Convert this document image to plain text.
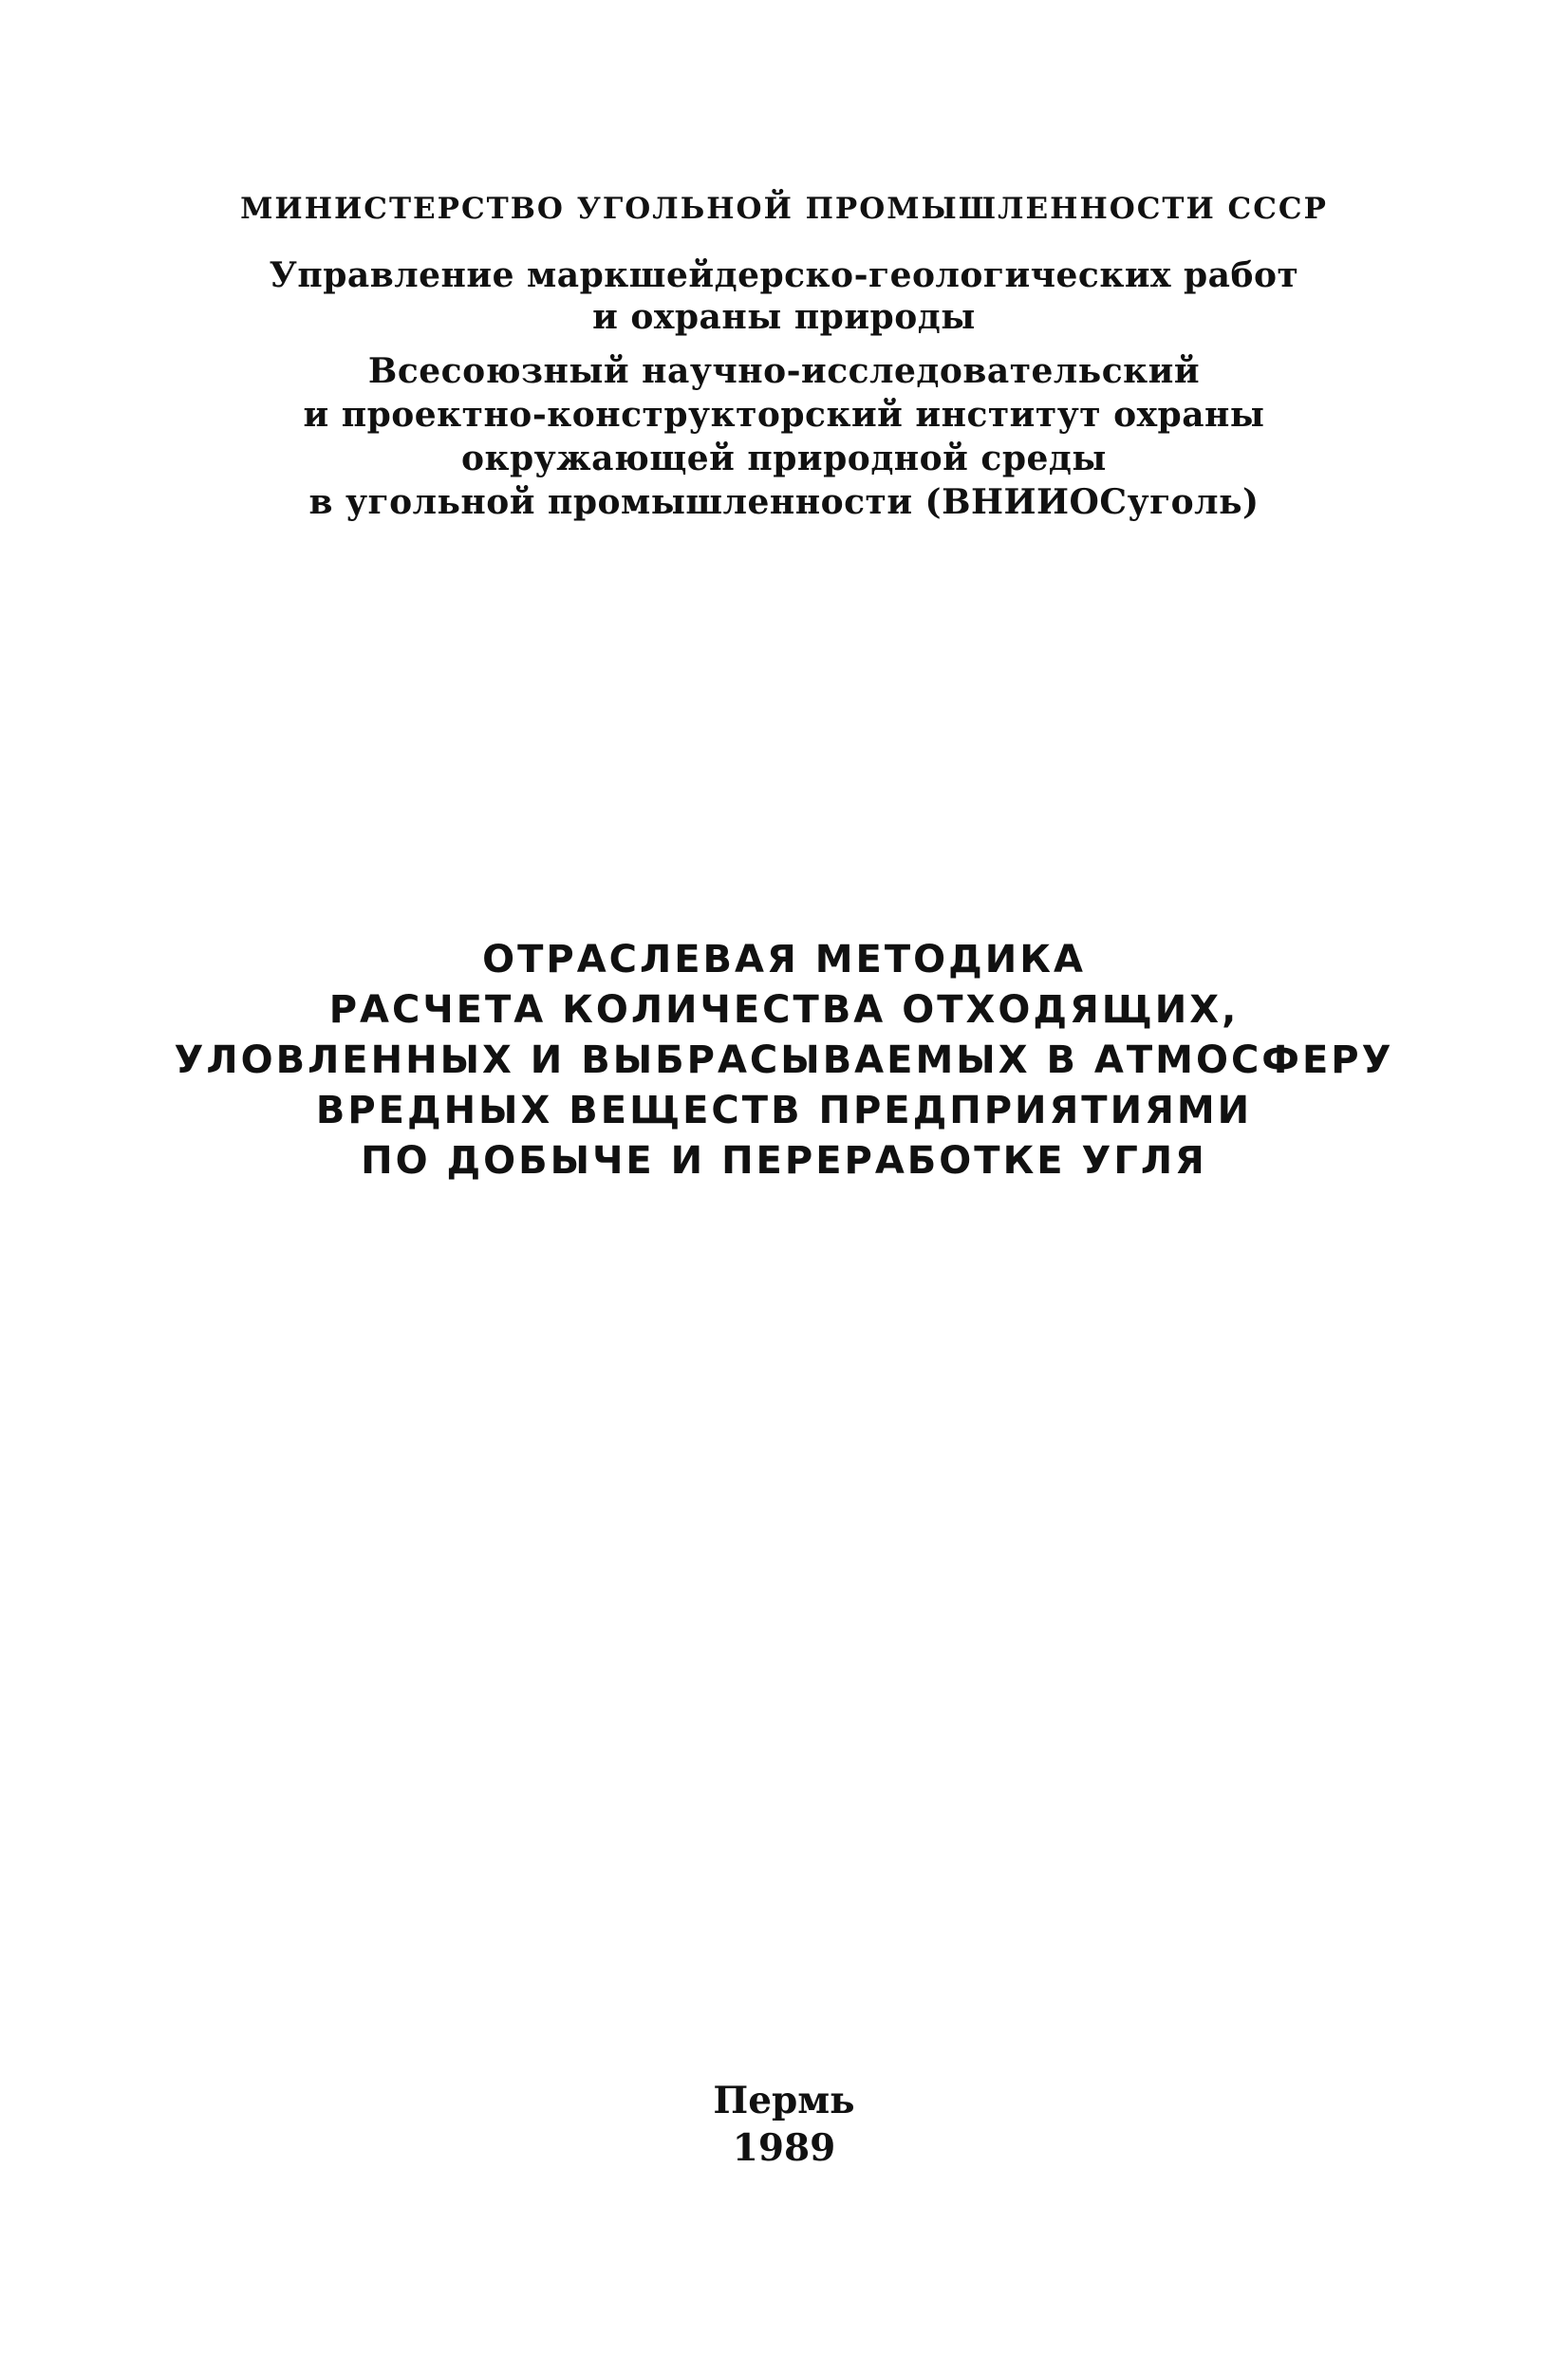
МИНИСТЕРСТВО УГОЛЬНОЙ ПРОМЫШЛЕННОСТИ СССР
Управление маркшейдерско-геологических работ
и охраны природы
Всесоюзный научно-исследовательский
и проектно-конструкторский институт охраны
окружающей природной среды
в угольной промышленности (ВНИИОСуголь)
ОТРАСЛЕВАЯ МЕТОДИКА
РАСЧЕТА КОЛИЧЕСТВА ОТХОДЯЩИХ,
УЛОВЛЕННЫХ И ВЫБРАСЫВАЕМЫХ В АТМОСФЕРУ
ВРЕДНЫХ ВЕЩЕСТВ ПРЕДПРИЯТИЯМИ
ПО ДОБЫЧЕ И ПЕРЕРАБОТКЕ УГЛЯ
Пермь
1989
